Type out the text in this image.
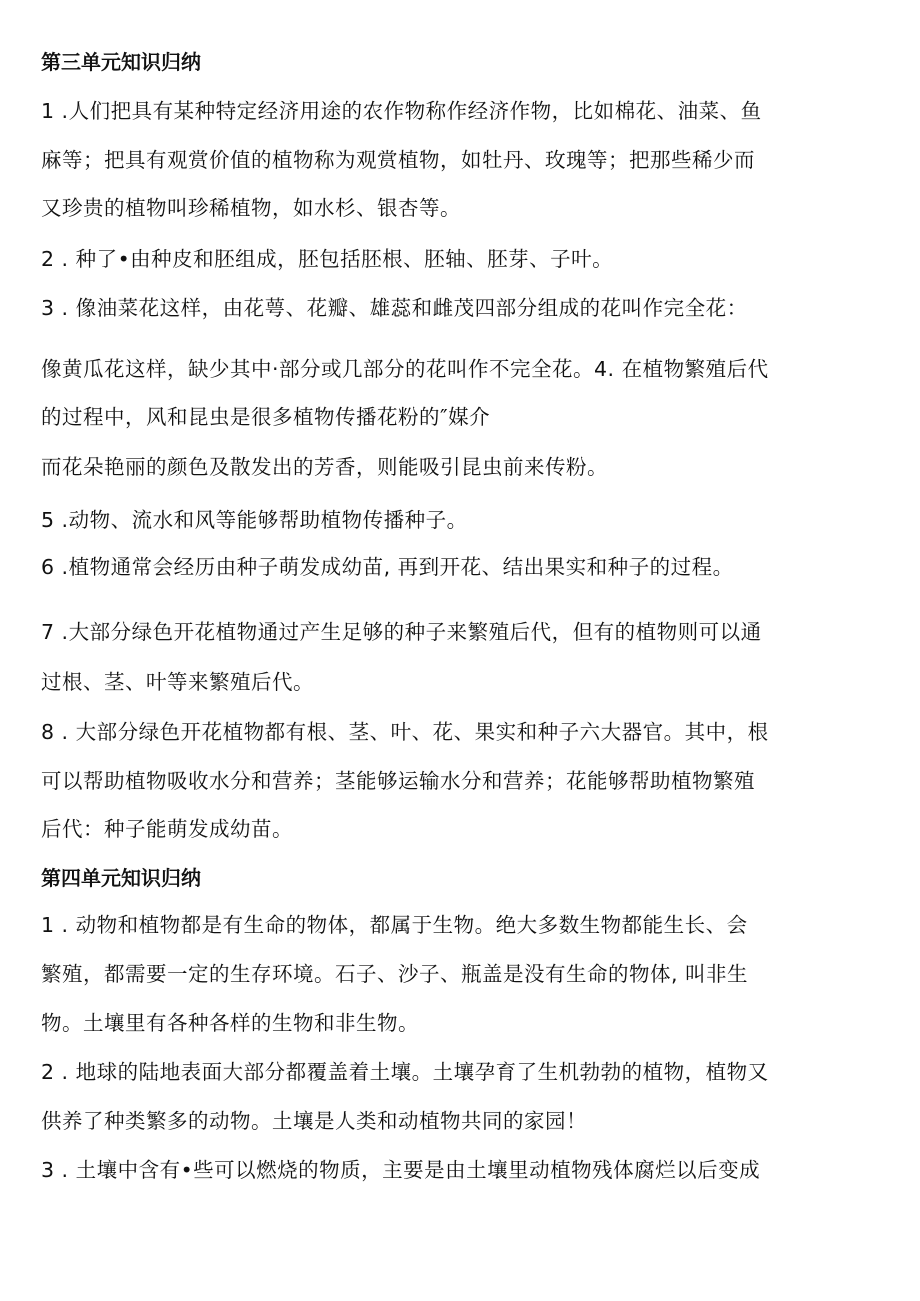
第三单元知识归纳
1 .人们把具有某种特定经济用途的农作物称作经济作物，比如棉花、油菜、鱼
麻等；把具有观赏价值的植物称为观赏植物，如牡丹、玫瑰等；把那些稀少而
又珍贵的植物叫珍稀植物，如水杉、银杏等。
2 . 种了•由种皮和胚组成，胚包括胚根、胚轴、胚芽、子叶。
3 . 像油菜花这样，由花萼、花瓣、雄蕊和雌茂四部分组成的花叫作完全花：
像黄瓜花这样，缺少其中·部分或几部分的花叫作不完全花。4. 在植物繁殖后代
的过程中，风和昆虫是很多植物传播花粉的″媒介
而花朵艳丽的颜色及散发出的芳香，则能吸引昆虫前来传粉。
5 .动物、流水和风等能够帮助植物传播种子。
6 .植物通常会经历由种子萌发成幼苗, 再到开花、结出果实和种子的过程。
7 .大部分绿色开花植物通过产生足够的种子来繁殖后代，但有的植物则可以通
过根、茎、叶等来繁殖后代。
8 . 大部分绿色开花植物都有根、茎、叶、花、果实和种子六大器官。其中，根
可以帮助植物吸收水分和营养；茎能够运输水分和营养；花能够帮助植物繁殖
后代：种子能萌发成幼苗。
第四单元知识归纳
1 . 动物和植物都是有生命的物体，都属于生物。绝大多数生物都能生长、会
繁殖，都需要一定的生存环境。石子、沙子、瓶盖是没有生命的物体, 叫非生
物。土壤里有各种各样的生物和非生物。
2 . 地球的陆地表面大部分都覆盖着土壤。土壤孕育了生机勃勃的植物，植物又
供养了种类繁多的动物。土壤是人类和动植物共同的家园！
3 . 土壤中含有•些可以燃烧的物质，主要是由土壤里动植物残体腐烂以后变成
